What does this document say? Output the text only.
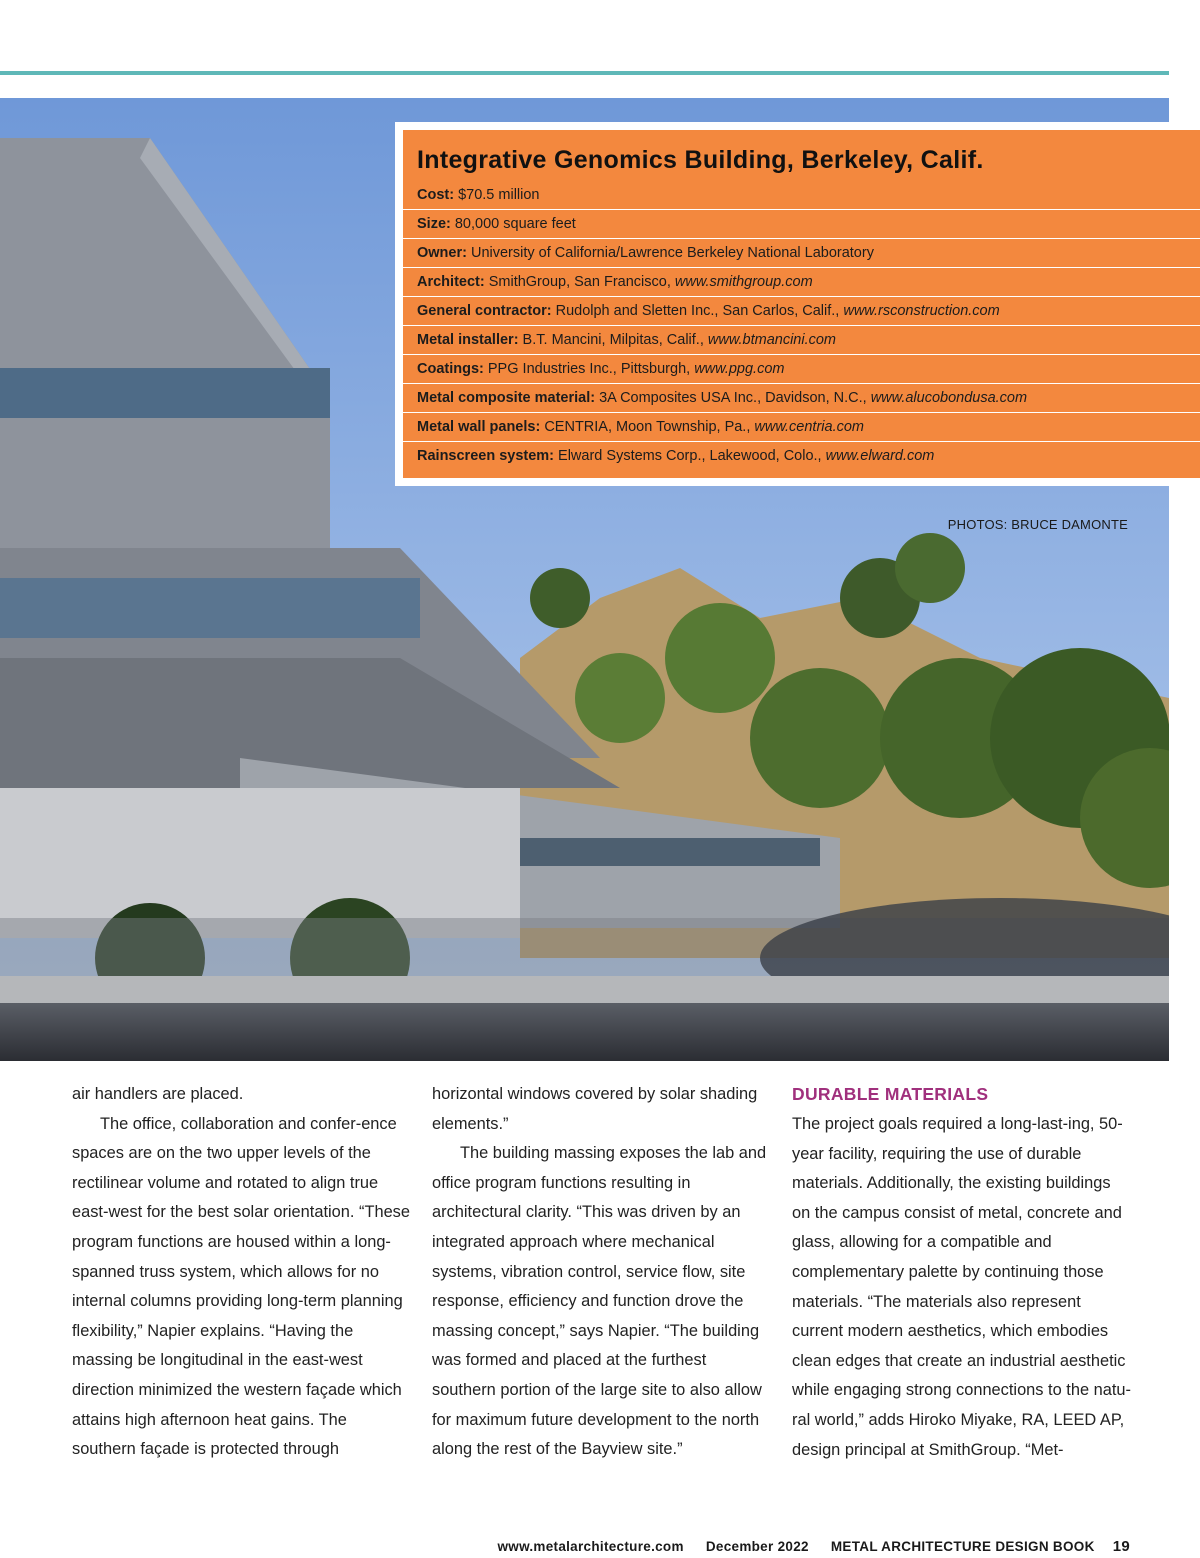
PHOTOS: BRUCE DAMONTE
Integrative Genomics Building, Berkeley, Calif.
Cost: $70.5 million
Size: 80,000 square feet
Owner: University of California/Lawrence Berkeley National Laboratory
Architect: SmithGroup, San Francisco, www.smithgroup.com
General contractor: Rudolph and Sletten Inc., San Carlos, Calif., www.rsconstruction.com
Metal installer: B.T. Mancini, Milpitas, Calif., www.btmancini.com
Coatings: PPG Industries Inc., Pittsburgh, www.ppg.com
Metal composite material: 3A Composites USA Inc., Davidson, N.C., www.alucobondusa.com
Metal wall panels: CENTRIA, Moon Township, Pa., www.centria.com
Rainscreen system: Elward Systems Corp., Lakewood, Colo., www.elward.com

air handlers are placed.

The office, collaboration and confer-ence spaces are on the two upper levels of the rectilinear volume and rotated to align true east-west for the best solar orientation. “These program functions are housed within a long-spanned truss system, which allows for no internal columns providing long-term planning flexibility,” Napier explains. “Having the massing be longitudinal in the east-west direction minimized the western façade which attains high afternoon heat gains. The southern façade is protected through

horizontal windows covered by solar shading elements.”

The building massing exposes the lab and office program functions resulting in architectural clarity. “This was driven by an integrated approach where mechanical systems, vibration control, service flow, site response, efficiency and function drove the massing concept,” says Napier. “The building was formed and placed at the furthest southern portion of the large site to also allow for maximum future development to the north along the rest of the Bayview site.”

DURABLE MATERIALS

The project goals required a long-last-ing, 50-year facility, requiring the use of durable materials. Additionally, the existing buildings on the campus consist of metal, concrete and glass, allowing for a compatible and complementary palette by continuing those materials. “The materials also represent current modern aesthetics, which embodies clean edges that create an industrial aesthetic while engaging strong connections to the natu-ral world,” adds Hiroko Miyake, RA, LEED AP, design principal at SmithGroup. “Met-

www.metalarchitecture.com December 2022 METAL ARCHITECTURE DESIGN BOOK 19
